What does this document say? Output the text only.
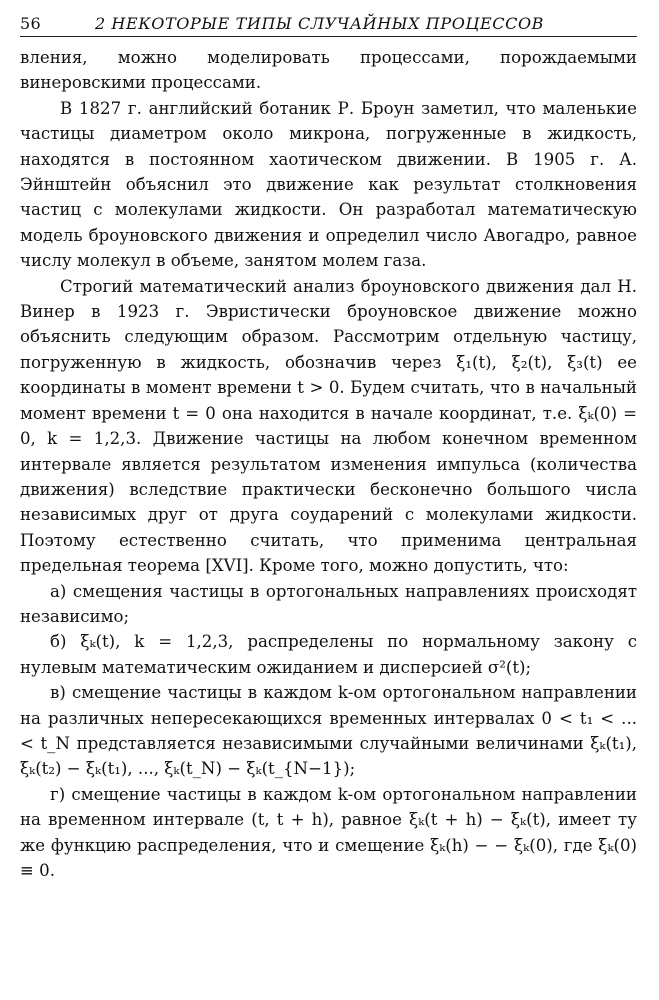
56	2 НЕКОТОРЫЕ ТИПЫ СЛУЧАЙНЫХ ПРОЦЕССОВ

вления, можно моделировать процессами, порождаемыми винеровскими процессами.

В 1827 г. английский ботаник Р. Броун заметил, что маленькие частицы диаметром около микрона, погруженные в жидкость, находятся в постоянном хаотическом движении. В 1905 г. А. Эйнштейн объяснил это движение как результат столкновения частиц с молекулами жидкости. Он разработал математическую модель броуновского движения и определил число Авогадро, равное числу молекул в объеме, занятом молем газа.

Строгий математический анализ броуновского движения дал Н. Винер в 1923 г. Эвристически броуновское движение можно объяснить следующим образом. Рассмотрим отдельную частицу, погруженную в жидкость, обозначив через ξ₁(t), ξ₂(t), ξ₃(t) ее координаты в момент времени t > 0. Будем считать, что в начальный момент времени t = 0 она находится в начале координат, т.е. ξₖ(0) = 0, k = 1,2,3. Движение частицы на любом конечном временном интервале является результатом изменения импульса (количества движения) вследствие практически бесконечно большого числа независимых друг от друга соударений с молекулами жидкости. Поэтому естественно считать, что применима центральная предельная теорема [XVI]. Кроме того, можно допустить, что:

а) смещения частицы в ортогональных направлениях происходят независимо;

б) ξₖ(t), k = 1,2,3, распределены по нормальному закону с нулевым математическим ожиданием и дисперсией σ²(t);

в) смещение частицы в каждом k-ом ортогональном направлении на различных непересекающихся временных интервалах 0 < t₁ < ... < t_N представляется независимыми случайными величинами ξₖ(t₁), ξₖ(t₂) − ξₖ(t₁), ..., ξₖ(t_N) − ξₖ(t_{N−1});

г) смещение частицы в каждом k-ом ортогональном направлении на временном интервале (t, t + h), равное ξₖ(t + h) − ξₖ(t), имеет ту же функцию распределения, что и смещение ξₖ(h) − − ξₖ(0), где ξₖ(0) ≡ 0.
